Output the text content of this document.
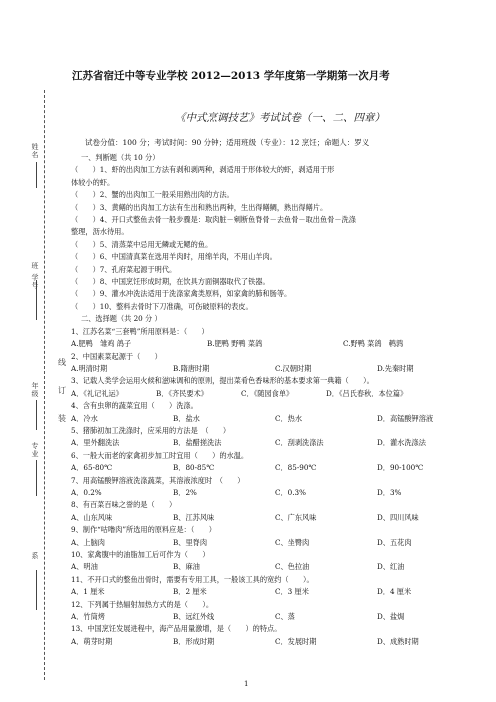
姓名
班 学号
年级
专业
系
线
订
装
江苏省宿迁中等专业学校 2012—2013 学年度第一学期第一次月考
《中式烹调技艺》考试试卷（一、二、四章）
试卷分值：100 分；考试时间：90 分钟；适用班级（专业）：12 烹饪；命题人：罗义
一、判断题（共 10 分）
（　　）1、虾的出肉加工方法有剥和剥两种，剥适用于形体较大的虾，剥适用于形
体较小的虾。
（　　）2、蟹的出肉加工一般采用熟出肉的方法。
（　　）3、黄鳝的出肉加工方法有生出和熟出两种，生出得鳝鲷，熟出得鳝片。
（　　）4、开口式整鱼去骨一般步骤是：取肉脏－剜断鱼脊骨－去鱼骨－取出鱼骨－洗涤
整理，沥水待用。
（　　）5、清蒸菜中忌用无鳞或无鳃的鱼。
（　　）6、中国清真菜在选用羊肉时，用绵羊肉，不用山羊肉。
（　　）7、孔府菜起源于明代。
（　　）8、中国烹饪形成时期，在饮具方面铜器取代了铁器。
（　　）9、灌水冲洗法适用于洗涤家禽类原料，如家禽的肺和肠等。
（　　）10、整料去骨时下刀准确，可伤破原料的表皮。
二、选择题（共 20 分 ）
1、江苏名菜“三套鸭”所用原料是：（　　）
A.肥鸭　雏鸡 鸽子	B.肥鸭 野鸭 菜鸽	C.野鸭 菜鸽　鹌鹑
2、中国素菜起源于（　　）
A.明清时期	B.隋唐时期	C.汉朝时期	D.先秦时期
3、记载人类学会运用火候和滋味调和的原则，提出菜肴色香味形的基本要求第一典籍（　　）。
A．《礼记礼运》	B．《齐民要术》	C．《随园食单》	D．《吕氏春秋．本位篇》
4、含有虫卵的蔬菜宜用（　　）洗涤。
A．冷水	B．盐水	C．热水	D．高锰酸钾溶液
5、猪肺初加工洗涤时，应采用的方法是　（　　）
A．里外翻洗法	B．盐醋搓洗法	C．刮剥洗涤法	D．灌水洗涤法
6、一般大而老的家禽初步加工时宜用（　　）的水温。
A．65-80℃	B．80-85℃	C．85-90℃	D．90-100℃
7、用高锰酸钾溶液洗涤蔬菜，其溶液浓度时　（　　）
A．0.2%	B．2%	C．0.3%	D．3%
8、有百菜百味之誉的是（　　）
A、山东风味	B、江苏风味	C、广东风味	D、四川风味
9、制作“咕噜肉”所选用的原料应是：（　　）
A、上脑肉	B、里脊肉	C、坐臀肉	D、五花肉
10、家禽腹中的油脂加工后可作为（　　）
A、明油	B、麻油	C、色拉油	D、红油
11、不开口式的整鱼出骨时，需要有专用工具，一般该工具的宽约（　　）。
A．1 厘米	B．2 厘米	C．3 厘米	D．4 厘米
12、下列属于热辐射加热方式的是（　　）。
A．竹筒烤	B、远红外线	C、蒸	D、盐焗
13、中国烹饪发展进程中，海产品用量激增，是（　　）的特点。
A．萌芽时期	B．形成时期	C．发展时期	D、成熟时期
1
